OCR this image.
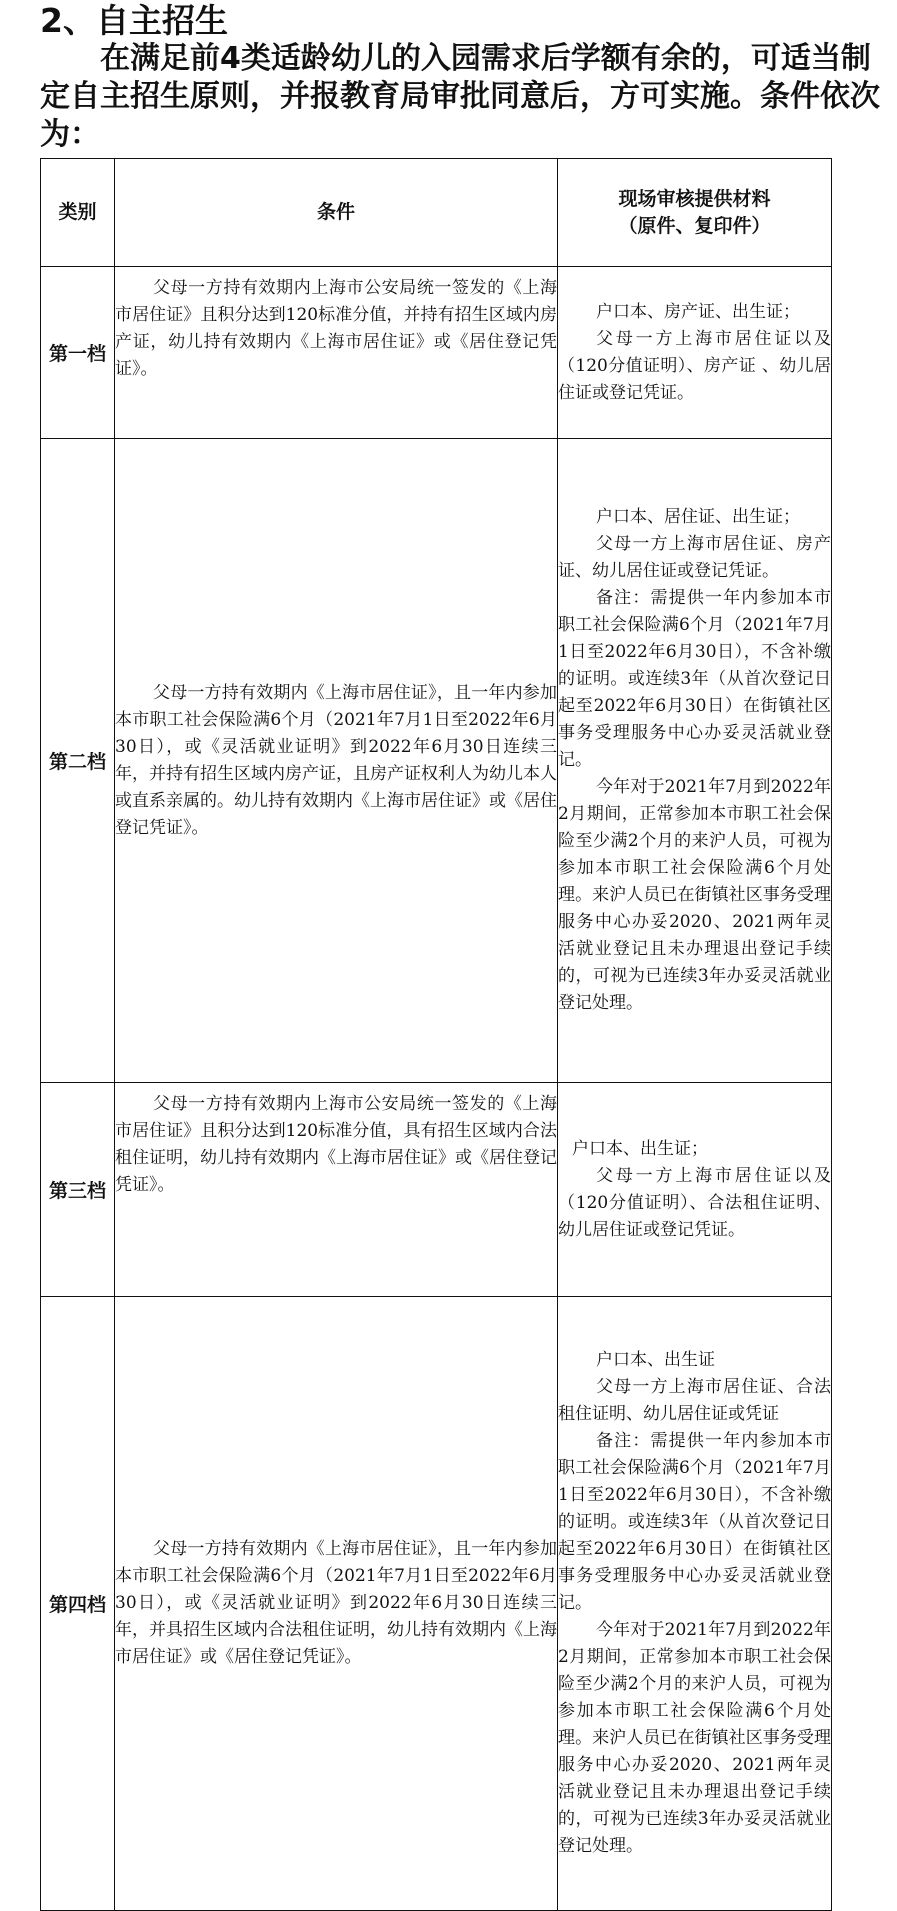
2、自主招生

在满足前4类适龄幼儿的入园需求后学额有余的，可适当制定自主招生原则，并报教育局审批同意后，方可实施。条件依次为：

类别	条件	现场审核提供材料
（原件、复印件）

第一档	父母一方持有效期内上海市公安局统一签发的《上海市居住证》且积分达到120标准分值，并持有招生区域内房产证，幼儿持有效期内《上海市居住证》或《居住登记凭证》。	户口本、房产证、出生证；

父母一方上海市居住证以及（120分值证明）、房产证 、幼儿居住证或登记凭证。

第二档	父母一方持有效期内《上海市居住证》，且一年内参加本市职工社会保险满6个月（2021年7月1日至2022年6月30日），或《灵活就业证明》到2022年6月30日连续三年，并持有招生区域内房产证，且房产证权利人为幼儿本人或直系亲属的。幼儿持有效期内《上海市居住证》或《居住登记凭证》。	户口本、居住证、出生证；

父母一方上海市居住证、房产证、幼儿居住证或登记凭证。

备注：需提供一年内参加本市职工社会保险满6个月（2021年7月1日至2022年6月30日），不含补缴的证明。或连续3年（从首次登记日起至2022年6月30日）在街镇社区事务受理服务中心办妥灵活就业登记。

今年对于2021年7月到2022年2月期间，正常参加本市职工社会保险至少满2个月的来沪人员，可视为参加本市职工社会保险满6个月处理。来沪人员已在街镇社区事务受理服务中心办妥2020、2021两年灵活就业登记且未办理退出登记手续的，可视为已连续3年办妥灵活就业登记处理。

第三档	父母一方持有效期内上海市公安局统一签发的《上海市居住证》且积分达到120标准分值，具有招生区域内合法租住证明，幼儿持有效期内《上海市居住证》或《居住登记凭证》。	户口本、出生证；

父母一方上海市居住证以及（120分值证明）、合法租住证明、幼儿居住证或登记凭证。

第四档	父母一方持有效期内《上海市居住证》，且一年内参加本市职工社会保险满6个月（2021年7月1日至2022年6月30日），或《灵活就业证明》到2022年6月30日连续三年，并具招生区域内合法租住证明，幼儿持有效期内《上海市居住证》或《居住登记凭证》。	户口本、出生证

父母一方上海市居住证、合法租住证明、幼儿居住证或凭证

备注：需提供一年内参加本市职工社会保险满6个月（2021年7月1日至2022年6月30日），不含补缴的证明。或连续3年（从首次登记日起至2022年6月30日）在街镇社区事务受理服务中心办妥灵活就业登记。

今年对于2021年7月到2022年2月期间，正常参加本市职工社会保险至少满2个月的来沪人员，可视为参加本市职工社会保险满6个月处理。来沪人员已在街镇社区事务受理服务中心办妥2020、2021两年灵活就业登记且未办理退出登记手续的，可视为已连续3年办妥灵活就业登记处理。
